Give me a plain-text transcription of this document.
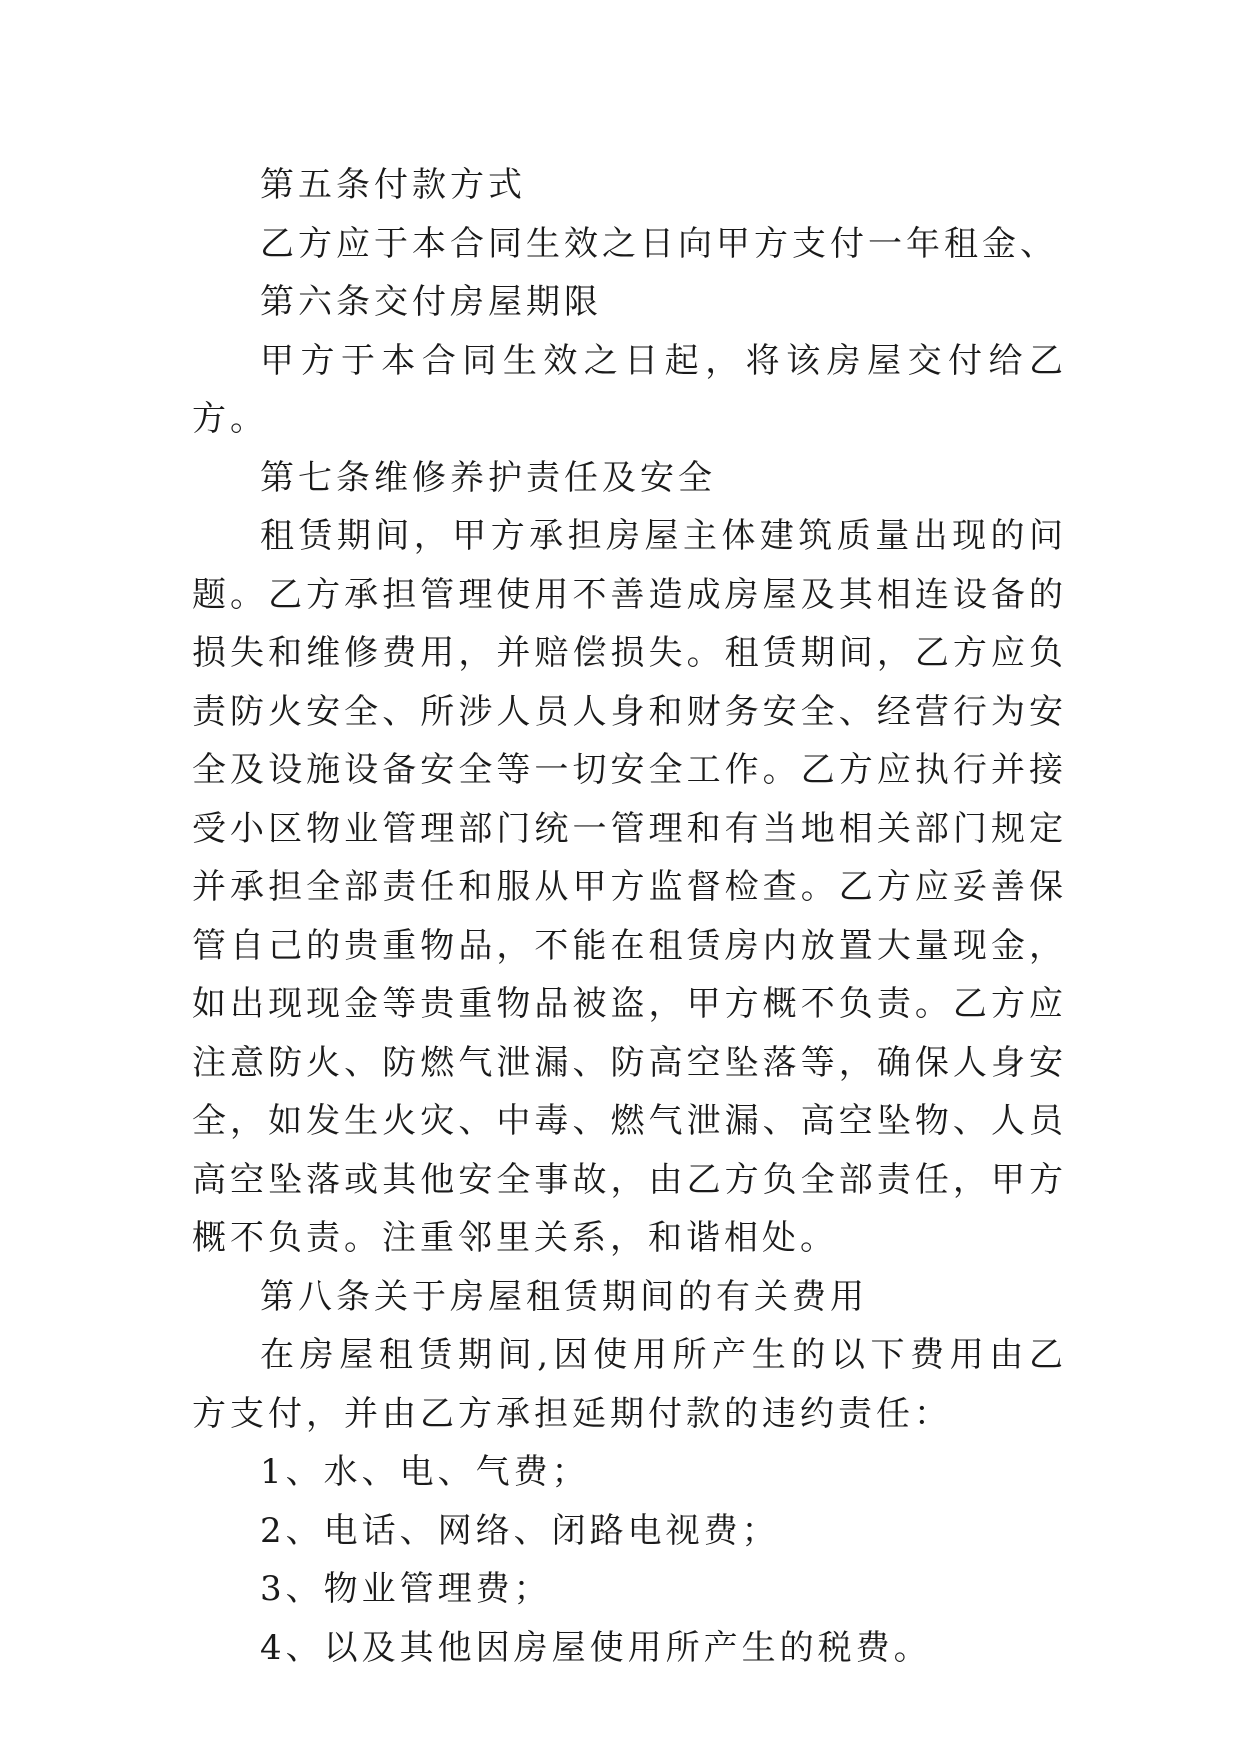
第五条付款方式

乙方应于本合同生效之日向甲方支付一年租金、

第六条交付房屋期限

甲方于本合同生效之日起，将该房屋交付给乙方。

第七条维修养护责任及安全

租赁期间，甲方承担房屋主体建筑质量出现的问题。乙方承担管理使用不善造成房屋及其相连设备的损失和维修费用，并赔偿损失。租赁期间，乙方应负责防火安全、所涉人员人身和财务安全、经营行为安全及设施设备安全等一切安全工作。乙方应执行并接受小区物业管理部门统一管理和有当地相关部门规定并承担全部责任和服从甲方监督检查。乙方应妥善保管自己的贵重物品，不能在租赁房内放置大量现金，如出现现金等贵重物品被盗，甲方概不负责。乙方应注意防火、防燃气泄漏、防高空坠落等，确保人身安全，如发生火灾、中毒、燃气泄漏、高空坠物、人员高空坠落或其他安全事故，由乙方负全部责任，甲方概不负责。注重邻里关系，和谐相处。

第八条关于房屋租赁期间的有关费用

在房屋租赁期间,因使用所产生的以下费用由乙方支付，并由乙方承担延期付款的违约责任：

1、水、电、气费；

2、电话、网络、闭路电视费；

3、物业管理费；

4、以及其他因房屋使用所产生的税费。
